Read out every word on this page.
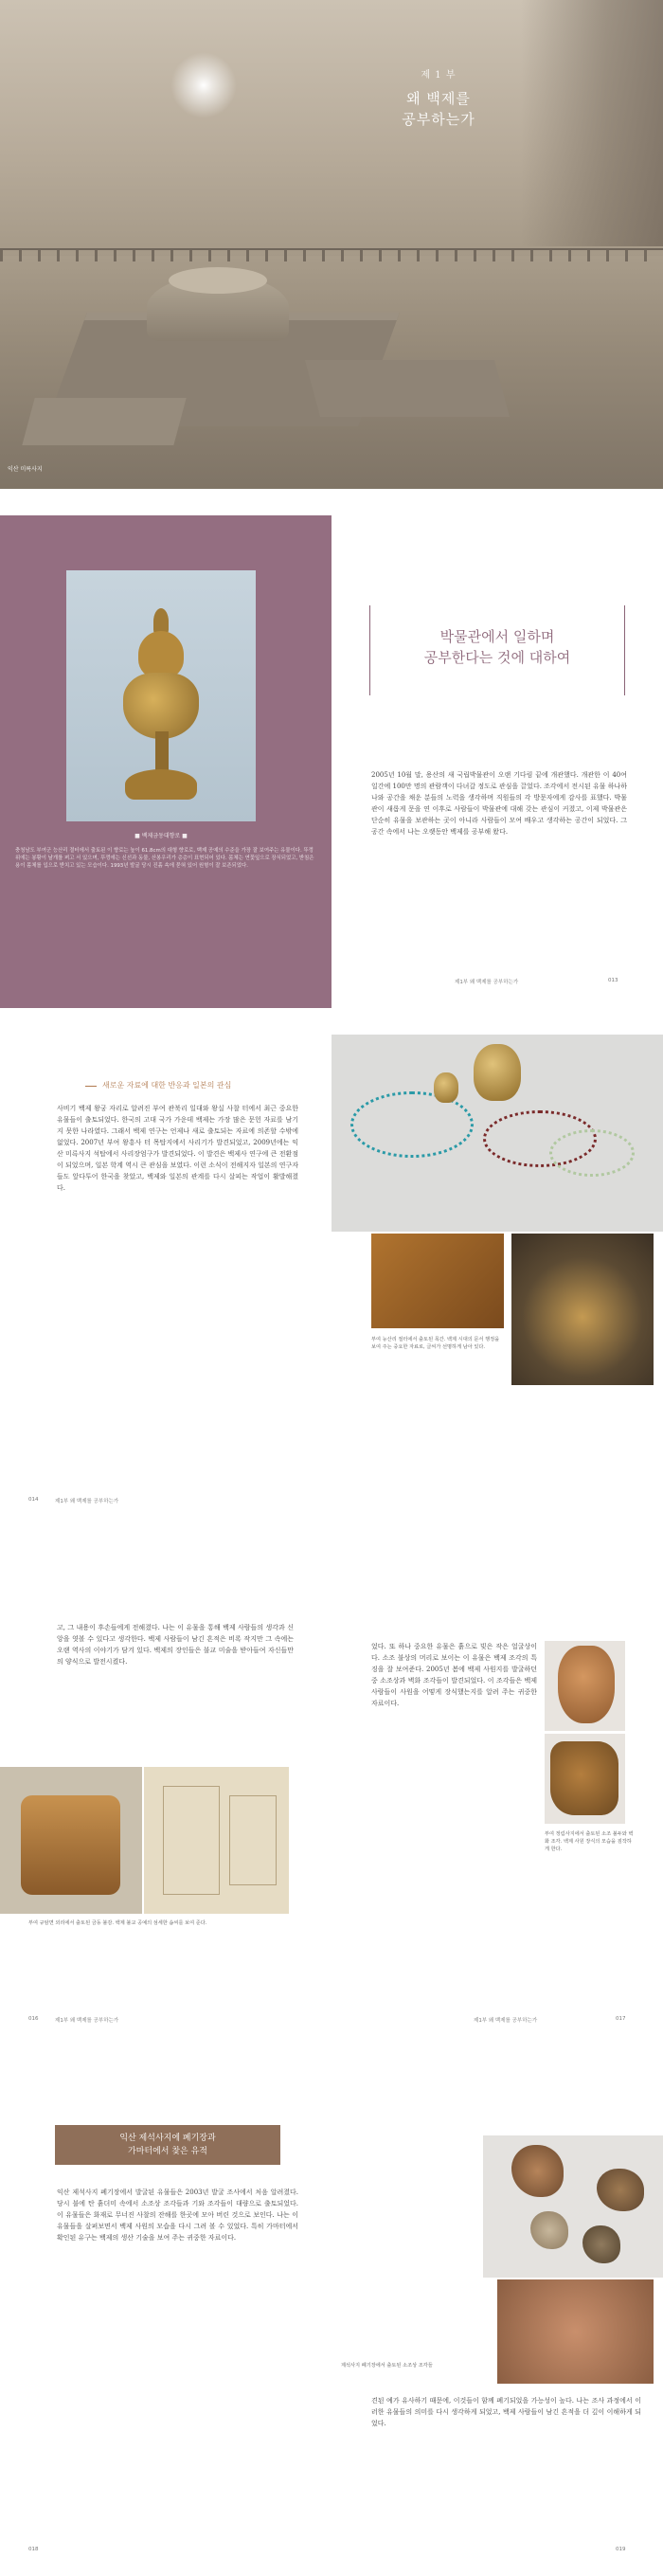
제 1 부
왜 백제를
공부하는가
익산 미륵사지
■ 백제금동대향로 ■
충청남도 부여군 능산리 절터에서 출토된 이 향로는 높이 61.8cm의 대형 향로로, 백제 공예의 수준을 가장 잘 보여주는 유물이다. 뚜껑 위에는 봉황이 날개를 펴고 서 있으며, 뚜껑에는 신선과 동물, 산봉우리가 층층이 표현되어 있다. 몸체는 연꽃잎으로 장식되었고, 받침은 용이 몸체를 입으로 받치고 있는 모습이다. 1993년 발굴 당시 진흙 속에 묻혀 있어 원형이 잘 보존되었다.
박물관에서 일하며
공부한다는 것에 대하여
2005년 10월 말, 용산의 새 국립박물관이 오랜 기다림 끝에 개관했다. 개관한 이 40여 일간에 100만 명의 관람객이 다녀갈 정도로 관심을 끌었다. 조각에서 전시된 유물 하나하나와 공간을 채운 분들의 노력을 생각하며 직원들의 각 방문자에게 감사를 표했다. 박물관이 새롭게 문을 연 이후로 사람들이 박물관에 대해 갖는 관심이 커졌고, 이제 박물관은 단순히 유물을 보관하는 곳이 아니라 사람들이 모여 배우고 생각하는 공간이 되었다. 그 공간 속에서 나는 오랫동안 백제를 공부해 왔다.
제1부 왜 백제를 공부하는가	013
새로운 자료에 대한 반응과 일본의 관심
사비기 백제 왕궁 자리로 알려진 부여 관북리 일대와 왕실 사찰 터에서 최근 중요한 유물들이 출토되었다. 한국의 고대 국가 가운데 백제는 가장 많은 문헌 자료를 남기지 못한 나라였다. 그래서 백제 연구는 언제나 새로 출토되는 자료에 의존할 수밖에 없었다. 2007년 부여 왕흥사 터 목탑지에서 사리기가 발견되었고, 2009년에는 익산 미륵사지 석탑에서 사리장엄구가 발견되었다. 이 발견은 백제사 연구에 큰 전환점이 되었으며, 일본 학계 역시 큰 관심을 보였다. 이런 소식이 전해지자 일본의 연구자들도 앞다투어 한국을 찾았고, 백제와 일본의 관계를 다시 살피는 작업이 활발해졌다.
부여 능산리 절터에서 출토된 목간. 백제 시대의 문서 행정을 보여 주는 중요한 자료로, 글씨가 선명하게 남아 있다.
014	제1부 왜 백제를 공부하는가
고, 그 내용이 후손들에게 전해졌다. 나는 이 유물을 통해 백제 사람들의 생각과 신앙을 엿볼 수 있다고 생각한다. 백제 사람들이 남긴 흔적은 비록 작지만 그 속에는 오랜 역사의 이야기가 담겨 있다. 백제의 장인들은 불교 미술을 받아들여 자신들만의 양식으로 발전시켰다.
었다. 또 하나 중요한 유물은 흙으로 빚은 작은 얼굴상이다. 소조 불상의 머리로 보이는 이 유물은 백제 조각의 특징을 잘 보여준다. 2005년 봄에 백제 사원지를 발굴하던 중 소조상과 벽화 조각들이 발견되었다. 이 조각들은 백제 사람들이 사원을 어떻게 장식했는지를 알려 주는 귀중한 자료이다.
부여 규암면 외리에서 출토된 금동 불감. 백제 불교 공예의 섬세한 솜씨를 보여 준다.
부여 정림사지에서 출토된 소조 불두와 벽화 조각. 백제 사원 장식의 모습을 짐작하게 한다.
016	제1부 왜 백제를 공부하는가	제1부 왜 백제를 공부하는가	017
익산 제석사지에 폐기장과
가마터에서 찾은 유적
익산 제석사지 폐기장에서 발굴된 유물들은 2003년 발굴 조사에서 처음 알려졌다. 당시 불에 탄 흙더미 속에서 소조상 조각들과 기와 조각들이 대량으로 출토되었다. 이 유물들은 화재로 무너진 사찰의 잔해를 한곳에 모아 버린 것으로 보인다. 나는 이 유물들을 살펴보면서 백제 사원의 모습을 다시 그려 볼 수 있었다. 특히 가마터에서 확인된 유구는 백제의 생산 기술을 보여 주는 귀중한 자료이다.
제석사지 폐기장에서 출토된 소조상 조각들
견된 예가 유사하기 때문에, 이것들이 함께 폐기되었을 가능성이 높다. 나는 조사 과정에서 이러한 유물들의 의미를 다시 생각하게 되었고, 백제 사람들이 남긴 흔적을 더 깊이 이해하게 되었다.
018	019
